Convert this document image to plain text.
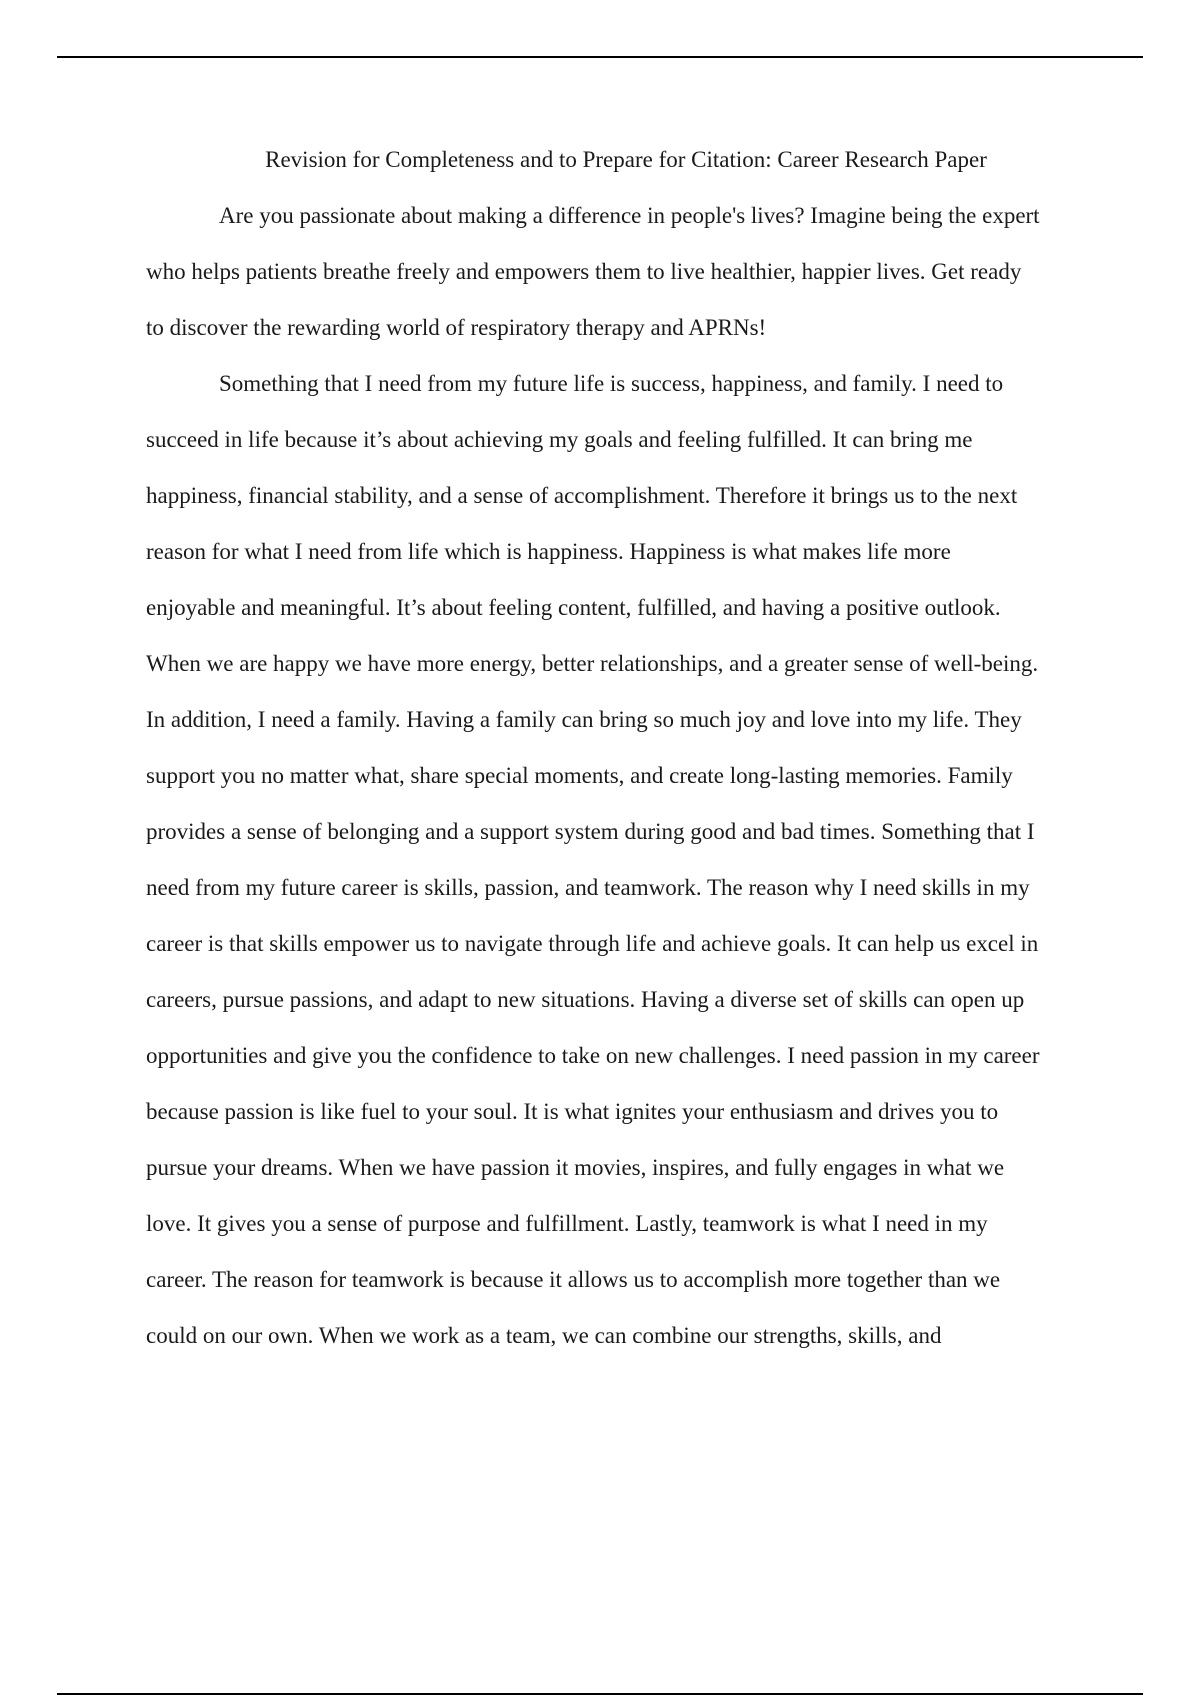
Revision for Completeness and to Prepare for Citation: Career Research Paper

Are you passionate about making a difference in people's lives? Imagine being the expert

who helps patients breathe freely and empowers them to live healthier, happier lives. Get ready

to discover the rewarding world of respiratory therapy and APRNs!

Something that I need from my future life is success, happiness, and family. I need to

succeed in life because it’s about achieving my goals and feeling fulfilled. It can bring me

happiness, financial stability, and a sense of accomplishment. Therefore it brings us to the next

reason for what I need from life which is happiness. Happiness is what makes life more

enjoyable and meaningful. It’s about feeling content, fulfilled, and having a positive outlook.

When we are happy we have more energy, better relationships, and a greater sense of well-being.

In addition, I need a family. Having a family can bring so much joy and love into my life. They

support you no matter what, share special moments, and create long-lasting memories. Family

provides a sense of belonging and a support system during good and bad times. Something that I

need from my future career is skills, passion, and teamwork. The reason why I need skills in my

career is that skills empower us to navigate through life and achieve goals. It can help us excel in

careers, pursue passions, and adapt to new situations. Having a diverse set of skills can open up

opportunities and give you the confidence to take on new challenges. I need passion in my career

because passion is like fuel to your soul. It is what ignites your enthusiasm and drives you to

pursue your dreams. When we have passion it movies, inspires, and fully engages in what we

love. It gives you a sense of purpose and fulfillment. Lastly, teamwork is what I need in my

career. The reason for teamwork is because it allows us to accomplish more together than we

could on our own. When we work as a team, we can combine our strengths, skills, and
